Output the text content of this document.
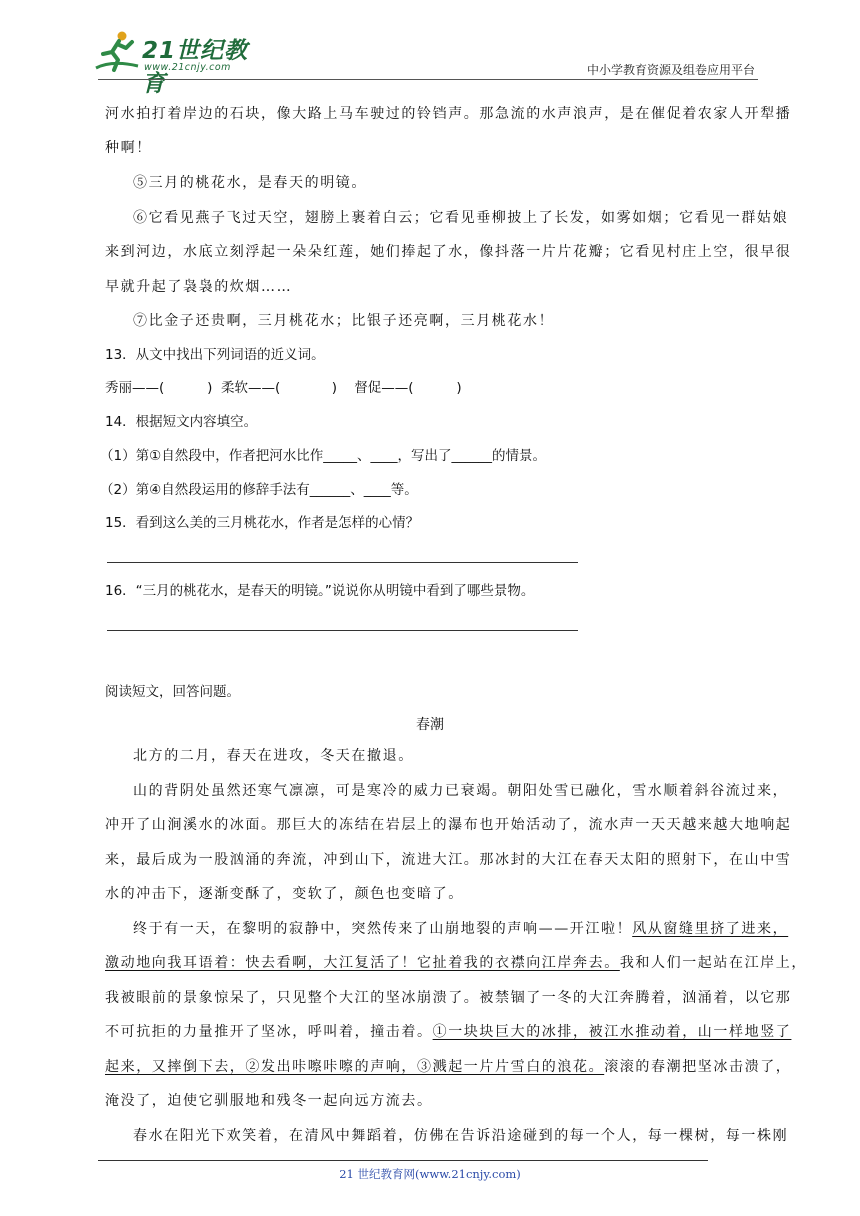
21世纪教育
www.21cnjy.com	中小学教育资源及组卷应用平台
河水拍打着岸边的石块，像大路上马车驶过的铃铛声。那急流的水声浪声，是在催促着农家人开犁播
种啊！
⑤三月的桃花水，是春天的明镜。
⑥它看见燕子飞过天空，翅膀上裹着白云；它看见垂柳披上了长发，如雾如烟；它看见一群姑娘
来到河边，水底立刻浮起一朵朵红莲，她们捧起了水，像抖落一片片花瓣；它看见村庄上空，很早很
早就升起了袅袅的炊烟……
⑦比金子还贵啊，三月桃花水；比银子还亮啊，三月桃花水！
13．从文中找出下列词语的近义词。
秀丽——(          )  柔软——(            )    督促——(          )
14．根据短文内容填空。
（1）第①自然段中，作者把河水比作_____、____，写出了______的情景。
（2）第④自然段运用的修辞手法有______、____等。
15．看到这么美的三月桃花水，作者是怎样的心情？
16．“三月的桃花水，是春天的明镜。”说说你从明镜中看到了哪些景物。
阅读短文，回答问题。
春潮
北方的二月，春天在进攻，冬天在撤退。
山的背阴处虽然还寒气凛凛，可是寒冷的威力已衰竭。朝阳处雪已融化，雪水顺着斜谷流过来，
冲开了山涧溪水的冰面。那巨大的冻结在岩层上的瀑布也开始活动了，流水声一天天越来越大地响起
来，最后成为一股汹涌的奔流，冲到山下，流进大江。那冰封的大江在春天太阳的照射下，在山中雪
水的冲击下，逐渐变酥了，变软了，颜色也变暗了。
终于有一天，在黎明的寂静中，突然传来了山崩地裂的声响——开江啦！风从窗缝里挤了进来，
激动地向我耳语着：快去看啊，大江复活了！它扯着我的衣襟向江岸奔去。我和人们一起站在江岸上，
我被眼前的景象惊呆了，只见整个大江的坚冰崩溃了。被禁锢了一冬的大江奔腾着，汹涌着，以它那
不可抗拒的力量推开了坚冰，呼叫着，撞击着。①一块块巨大的冰排，被江水推动着，山一样地竖了
起来，又摔倒下去，②发出咔嚓咔嚓的声响，③溅起一片片雪白的浪花。滚滚的春潮把坚冰击溃了，
淹没了，迫使它驯服地和残冬一起向远方流去。
春水在阳光下欢笑着，在清风中舞蹈着，仿佛在告诉沿途碰到的每一个人，每一棵树，每一株刚
21 世纪教育网(www.21cnjy.com)
